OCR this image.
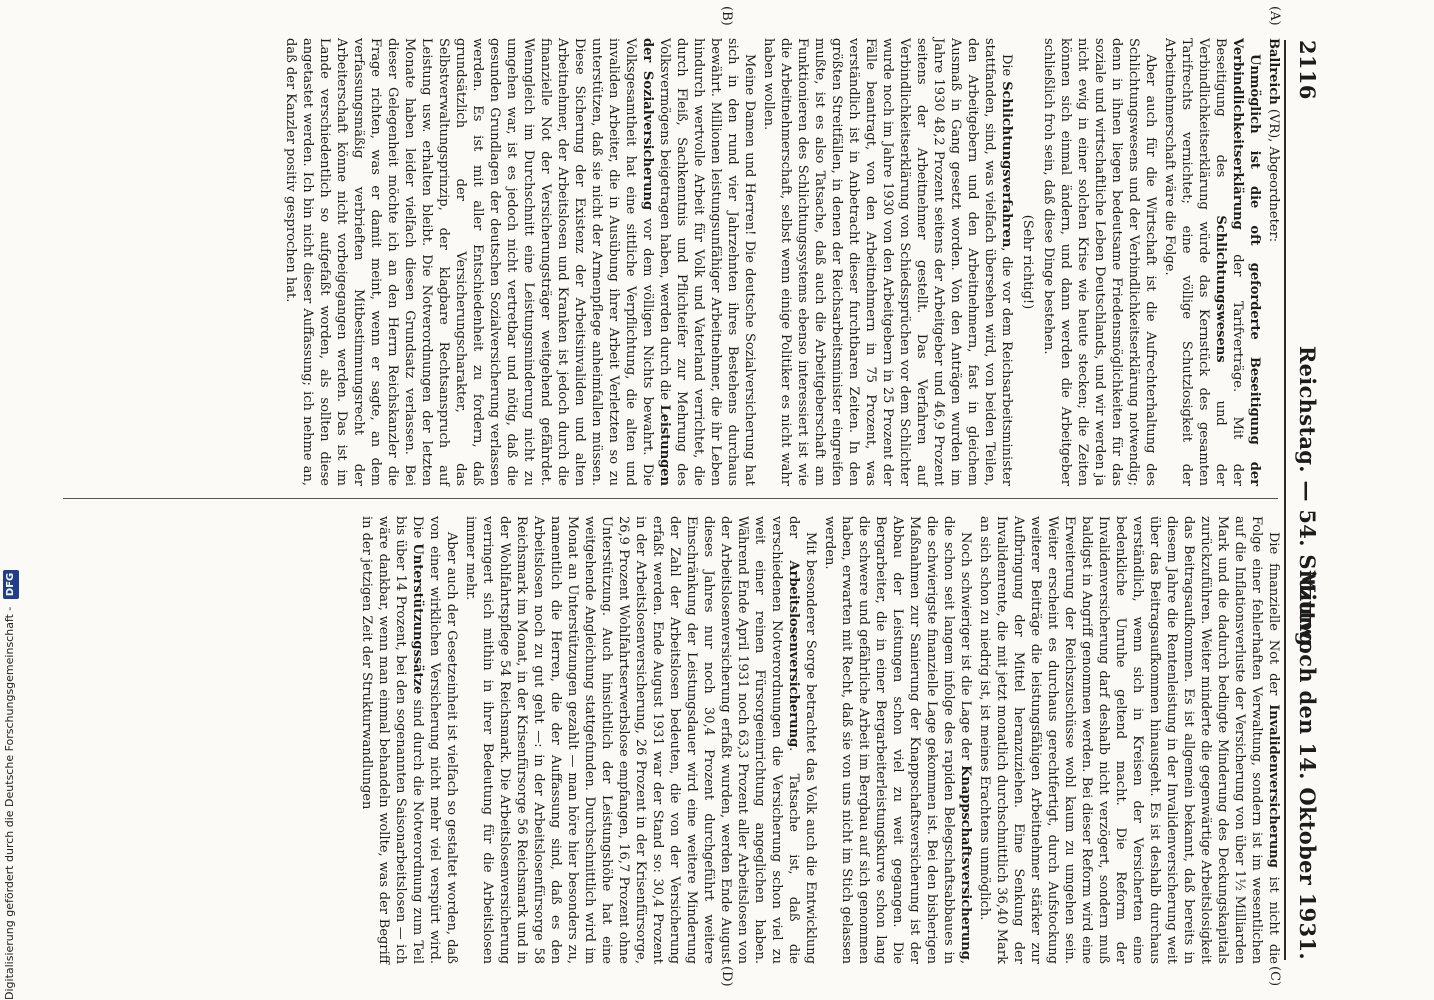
2116
Reichstag. — 54. Sitzung.
Mittwoch den 14. Oktober 1931.
(A)
(B)
(C)
(D)

Ballreich (VR), Abgeordneter:

Unmöglich ist die oft geforderte Beseitigung der Verbindlichkeitserklärung der Tarifverträge. Mit der Beseitigung des Schlichtungswesens und der Verbindlichkeitserklärung würde das Kernstück des gesamten Tarifrechts vernichtet; eine völlige Schutzlosigkeit der Arbeitnehmerschaft wäre die Folge.

Aber auch für die Wirtschaft ist die Aufrechterhaltung des Schlichtungswesens und der Verbindlichkeitserklärung notwendig; denn in ihnen liegen bedeutsame Friedensmöglichkeiten für das soziale und wirtschaftliche Leben Deutschlands, und wir werden ja nicht ewig in einer solchen Krise wie heute stecken; die Zeiten können sich einmal ändern, und dann werden die Arbeitgeber schließlich froh sein, daß diese Dinge bestehen.

(Sehr richtig!)

Die Schlichtungsverfahren, die vor dem Reichsarbeitsminister stattfanden, sind, was vielfach übersehen wird, von beiden Teilen, den Arbeitgebern und den Arbeitnehmern, fast in gleichem Ausmaß in Gang gesetzt worden. Von den Anträgen wurden im Jahre 1930 48,2 Prozent seitens der Arbeitgeber und 46,9 Prozent seitens der Arbeitnehmer gestellt. Das Verfahren auf Verbindlichkeitserklärung von Schiedssprüchen vor dem Schlichter wurde noch im Jahre 1930 von den Arbeitgebern in 25 Prozent der Fälle beantragt, von den Arbeitnehmern in 75 Prozent, was verständlich ist in Anbetracht dieser furchtbaren Zeiten. In den größten Streitfällen, in denen der Reichsarbeitsminister eingreifen mußte, ist es also Tatsache, daß auch die Arbeitgeberschaft am Funktionieren des Schlichtungssystems ebenso interessiert ist wie die Arbeitnehmerschaft, selbst wenn einige Politiker es nicht wahr haben wollen.

Meine Damen und Herren! Die deutsche Sozialversicherung hat sich in den rund vier Jahrzehnten ihres Bestehens durchaus bewährt. Millionen leistungsunfähiger Arbeitnehmer, die ihr Leben hindurch wertvolle Arbeit für Volk und Vaterland verrichtet, die durch Fleiß, Sachkenntnis und Pflichteifer zur Mehrung des Volksvermögens beigetragen haben, werden durch die Leistungen der Sozialversicherung vor dem völligen Nichts bewahrt. Die Volksgesamtheit hat eine sittliche Verpflichtung, die alten und invaliden Arbeiter, die in Ausübung ihrer Arbeit Verletzten so zu unterstützen, daß sie nicht der Armenpflege anheimfallen müssen. Diese Sicherung der Existenz der Arbeitsinvaliden und alten Arbeitnehmer, der Arbeitslosen und Kranken ist jedoch durch die finanzielle Not der Versicherungsträger weitgehend gefährdet. Wenngleich im Durchschnitt eine Leistungsminderung nicht zu umgehen war, ist es jedoch nicht vertretbar und nötig, daß die gesunden Grundlagen der deutschen Sozialversicherung verlassen werden. Es ist mit aller Entschiedenheit zu fordern, daß grundsätzlich der Versicherungscharakter, das Selbstverwaltungsprinzip, der klagbare Rechtsanspruch auf Leistung usw. erhalten bleibt. Die Notverordnungen der letzten Monate haben leider vielfach diesen Grundsatz verlassen. Bei dieser Gelegenheit möchte ich an den Herrn Reichskanzler die Frage richten, was er damit meint, wenn er sagte, an dem verfassungsmäßig verbrieften Mitbestimmungsrecht der Arbeiterschaft könne nicht vorbeigegangen werden. Das ist im Lande verschiedentlich so aufgefaßt worden, als sollten diese angetastet werden. Ich bin nicht dieser Auffassung; ich nehme an, daß der Kanzler positiv gesprochen hat.

Die finanzielle Not der Invalidenversicherung ist nicht die Folge einer fehlerhaften Verwaltung, sondern ist im wesentlichen auf die Inflationsverluste der Versicherung von über 1½ Milliarden Mark und die dadurch bedingte Minderung des Deckungskapitals zurückzuführen. Weiter minderte die gegenwärtige Arbeitslosigkeit das Beitragsaufkommen. Es ist allgemein bekannt, daß bereits in diesem Jahre die Rentenleistung in der Invalidenversicherung weit über das Beitragsaufkommen hinausgeht. Es ist deshalb durchaus verständlich, wenn sich in Kreisen der Versicherten eine bedenkliche Unruhe geltend macht. Die Reform der Invalidenversicherung darf deshalb nicht verzögert, sondern muß baldigst in Angriff genommen werden. Bei dieser Reform wird eine Erweiterung der Reichszuschüsse wohl kaum zu umgehen sein. Weiter erscheint es durchaus gerechtfertigt, durch Aufstockung weiterer Beiträge die leistungsfähigen Arbeitnehmer stärker zur Aufbringung der Mittel heranzuziehen. Eine Senkung der Invalidenrente, die mit jetzt monatlich durchschnittlich 36,40 Mark an sich schon zu niedrig ist, ist meines Erachtens unmöglich.

Noch schwieriger ist die Lage der Knappschaftsversicherung, die schon seit langem infolge des rapiden Belegschaftsabbaues in die schwierigste finanzielle Lage gekommen ist. Bei den bisherigen Maßnahmen zur Sanierung der Knappschaftsversicherung ist der Abbau der Leistungen schon viel zu weit gegangen. Die Bergarbeiter, die in einer Bergarbeiterleistungskurve schon lang die schwere und gefährliche Arbeit im Bergbau auf sich genommen haben, erwarten mit Recht, daß sie von uns nicht im Stich gelassen werden.

Mit besonderer Sorge betrachtet das Volk auch die Entwicklung der Arbeitslosenversicherung. Tatsache ist, daß die verschiedenen Notverordnungen die Versicherung schon viel zu weit einer reinen Fürsorgeeinrichtung angeglichen haben. Während Ende April 1931 noch 63,3 Prozent aller Arbeitslosen von der Arbeitslosenversicherung erfaßt wurden, werden Ende August dieses Jahres nur noch 30,4 Prozent durchgeführt weitere Einschränkung der Leistungsdauer wird eine weitere Minderung der Zahl der Arbeitslosen bedeuten, die von der Versicherung erfaßt werden. Ende August 1931 war der Stand so: 30,4 Prozent in der Arbeitslosenversicherung, 26 Prozent in der Krisenfürsorge, 26,9 Prozent Wohlfahrtserwerbslose empfangen, 16,7 Prozent ohne Unterstützung. Auch hinsichtlich der Leistungshöhe hat eine weitgehende Angleichung stattgefunden. Durchschnittlich wird im Monat an Unterstützungen gezahlt — man höre hier besonders zu, namentlich die Herren, die der Auffassung sind, daß es den Arbeitslosen noch zu gut geht —: in der Arbeitslosenfürsorge 58 Reichsmark im Monat, in der Krisenfürsorge 56 Reichsmark und in der Wohlfahrtspflege 54 Reichsmark. Die Arbeitslosenversicherung verringert sich mithin in ihrer Bedeutung für die Arbeitslosen immer mehr.

Aber auch der Gesetzeinheit ist vielfach so gestaltet worden, daß von einer wirklichen Versicherung nicht mehr viel verspürt wird. Die Unterstützungssätze sind durch die Notverordnung zum Teil bis über 14 Prozent, bei den sogenannten Saisonarbeitslosen — ich wäre dankbar, wenn man einmal behandeln wollte, was der Begriff in der jetzigen Zeit der Strukturwandlungen

Digitalisierung gefördert durch die Deutsche Forschungsgemeinschaft - DFG
